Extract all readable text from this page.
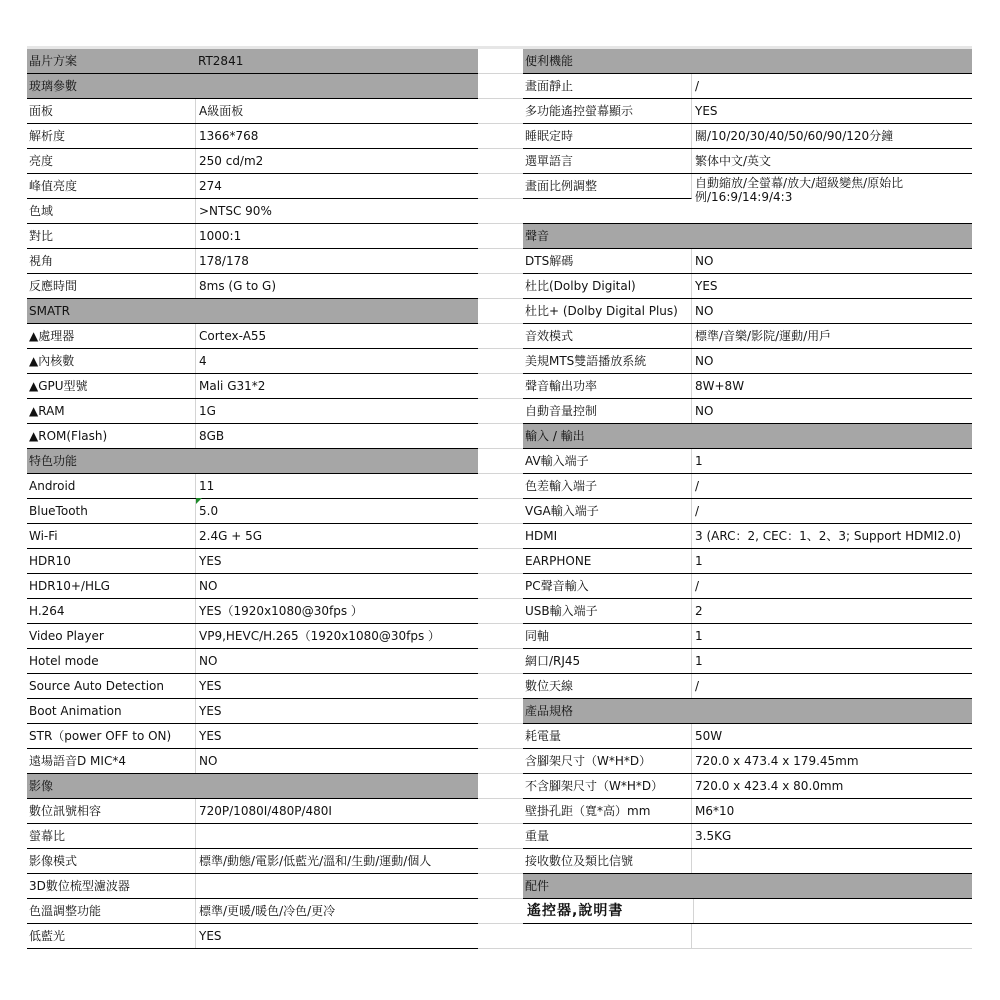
晶片方案	RT2841
玻璃參數
面板	A級面板
解析度	1366*768
亮度	250 cd/m2
峰值亮度	274
色域	>NTSC 90%
對比	1000:1
視角	178/178
反應時間	8ms (G to G)
SMATR
▲處理器	Cortex-A55
▲內核數	4
▲GPU型號	Mali G31*2
▲RAM	1G
▲ROM(Flash)	8GB
特色功能
Android	11
BlueTooth	5.0
Wi-Fi	2.4G + 5G
HDR10	YES
HDR10+/HLG	NO
H.264	YES（1920x1080@30fps ）
Video Player	VP9,HEVC/H.265（1920x1080@30fps ）
Hotel mode	NO
Source Auto Detection	YES
Boot Animation	YES
STR（power OFF to ON)	YES
遠場語音D MIC*4	NO
影像
數位訊號相容	720P/1080I/480P/480I
螢幕比
影像模式	標準/動態/電影/低藍光/溫和/生動/運動/個人
3D數位梳型濾波器
色溫調整功能	標準/更暖/暖色/冷色/更冷
低藍光	YES
便利機能
畫面靜止	/
多功能遙控螢幕顯示	YES
睡眠定時	關/10/20/30/40/50/60/90/120分鐘
選單語言	繁体中文/英文
畫面比例調整	自動縮放/全螢幕/放大/超級變焦/原始比例/16:9/14:9/4:3
聲音
DTS解碼	NO
杜比(Dolby Digital)	YES
杜比+ (Dolby Digital Plus)	NO
音效模式	標準/音樂/影院/運動/用戶
美規MTS雙語播放系統	NO
聲音輸出功率	8W+8W
自動音量控制	NO
輸入 / 輸出
AV輸入端子	1
色差輸入端子	/
VGA輸入端子	/
HDMI	3 (ARC：2, CEC：1、2、3; Support HDMI2.0)
EARPHONE	1
PC聲音輸入	/
USB輸入端子	2
同軸	1
網口/RJ45	1
數位天線	/
產品規格
耗電量	50W
含腳架尺寸（W*H*D）	720.0 x 473.4 x 179.45mm
不含腳架尺寸（W*H*D）	720.0 x 423.4 x 80.0mm
壁掛孔距（寬*高）mm	M6*10
重量	3.5KG
接收數位及類比信號
配件
遙控器,說明書
